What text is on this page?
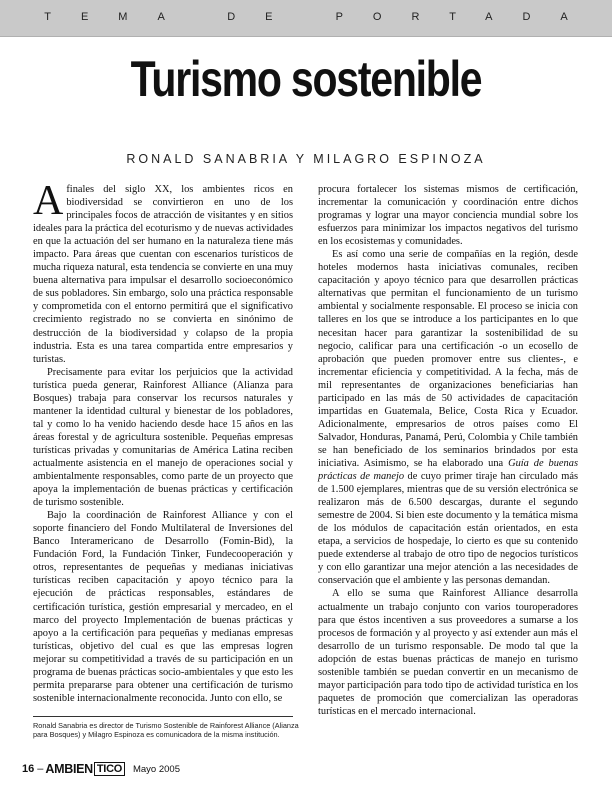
TEMA DE PORTADA
Turismo sostenible
RONALD SANABRIA Y MILAGRO ESPINOZA

Afinales del siglo XX, los ambientes ricos en biodiversidad se convirtieron en uno de los principales focos de atracción de visitantes y en sitios ideales para la práctica del ecoturismo y de nuevas actividades en que la actuación del ser humano en la naturaleza tiene más impacto. Para áreas que cuentan con escenarios turísticos de mucha riqueza natural, esta tendencia se convierte en una muy buena alternativa para impulsar el desarrollo socioeconómico de sus pobladores. Sin embargo, solo una práctica responsable y comprometida con el entorno permitirá que el significativo crecimiento registrado no se convierta en sinónimo de destrucción de la biodiversidad y colapso de la propia industria. Esta es una tarea compartida entre empresarios y turistas.

Precisamente para evitar los perjuicios que la actividad turística pueda generar, Rainforest Alliance (Alianza para Bosques) trabaja para conservar los recursos naturales y mantener la identidad cultural y bienestar de los pobladores, tal y como lo ha venido haciendo desde hace 15 años en las áreas forestal y de agricultura sostenible. Pequeñas empresas turísticas privadas y comunitarias de América Latina reciben actualmente asistencia en el manejo de operaciones social y ambientalmente responsables, como parte de un proyecto que apoya la implementación de buenas prácticas y certificación de turismo sostenible.

Bajo la coordinación de Rainforest Alliance y con el soporte financiero del Fondo Multilateral de Inversiones del Banco Interamericano de Desarrollo (Fomin-Bid), la Fundación Ford, la Fundación Tinker, Fundecooperación y otros, representantes de pequeñas y medianas iniciativas turísticas reciben capacitación y apoyo técnico para la ejecución de prácticas responsables, estándares de certificación turística, gestión empresarial y mercadeo, en el marco del proyecto Implementación de buenas prácticas y apoyo a la certificación para pequeñas y medianas empresas turísticas, objetivo del cual es que las empresas logren mejorar su competitividad a través de su participación en un programa de buenas prácticas socio-ambientales y que esto les permita prepararse para obtener una certificación de turismo sostenible internacionalmente reconocida. Junto con ello, se

procura fortalecer los sistemas mismos de certificación, incrementar la comunicación y coordinación entre dichos programas y lograr una mayor conciencia mundial sobre los esfuerzos para minimizar los impactos negativos del turismo en los ecosistemas y comunidades.

Es así como una serie de compañías en la región, desde hoteles modernos hasta iniciativas comunales, reciben capacitación y apoyo técnico para que desarrollen prácticas alternativas que permitan el funcionamiento de un turismo ambiental y socialmente responsable. El proceso se inicia con talleres en los que se introduce a los participantes en lo que necesitan hacer para garantizar la sostenibilidad de su negocio, calificar para una certificación -o un ecosello de aprobación que pueden promover entre sus clientes-, e incrementar eficiencia y competitividad. A la fecha, más de mil representantes de organizaciones beneficiarias han participado en las más de 50 actividades de capacitación impartidas en Guatemala, Belice, Costa Rica y Ecuador. Adicionalmente, empresarios de otros países como El Salvador, Honduras, Panamá, Perú, Colombia y Chile también se han beneficiado de los seminarios brindados por esta iniciativa. Asimismo, se ha elaborado una Guía de buenas prácticas de manejo de cuyo primer tiraje han circulado más de 1.500 ejemplares, mientras que de su versión electrónica se realizaron más de 6.500 descargas, durante el segundo semestre de 2004. Si bien este documento y la temática misma de los módulos de capacitación están orientados, en esta etapa, a servicios de hospedaje, lo cierto es que su contenido puede extenderse al trabajo de otro tipo de negocios turísticos y con ello garantizar una mejor atención a las necesidades de conservación que el ambiente y las personas demandan.

A ello se suma que Rainforest Alliance desarrolla actualmente un trabajo conjunto con varios touroperadores para que éstos incentiven a sus proveedores a sumarse a los procesos de formación y al proyecto y así extender aun más el desarrollo de un turismo responsable. De modo tal que la adopción de estas buenas prácticas de manejo en turismo sostenible también se puedan convertir en un mecanismo de mayor participación para todo tipo de actividad turística en los paquetes de promoción que comercializan las operadoras turísticas en el mercado internacional.

Ronald Sanabria es director de Turismo Sostenible de Rainforest Alliance (Alianza para Bosques) y Milagro Espinoza es comunicadora de la misma institución.
16 – AMBIEN TICO	Mayo 2005
